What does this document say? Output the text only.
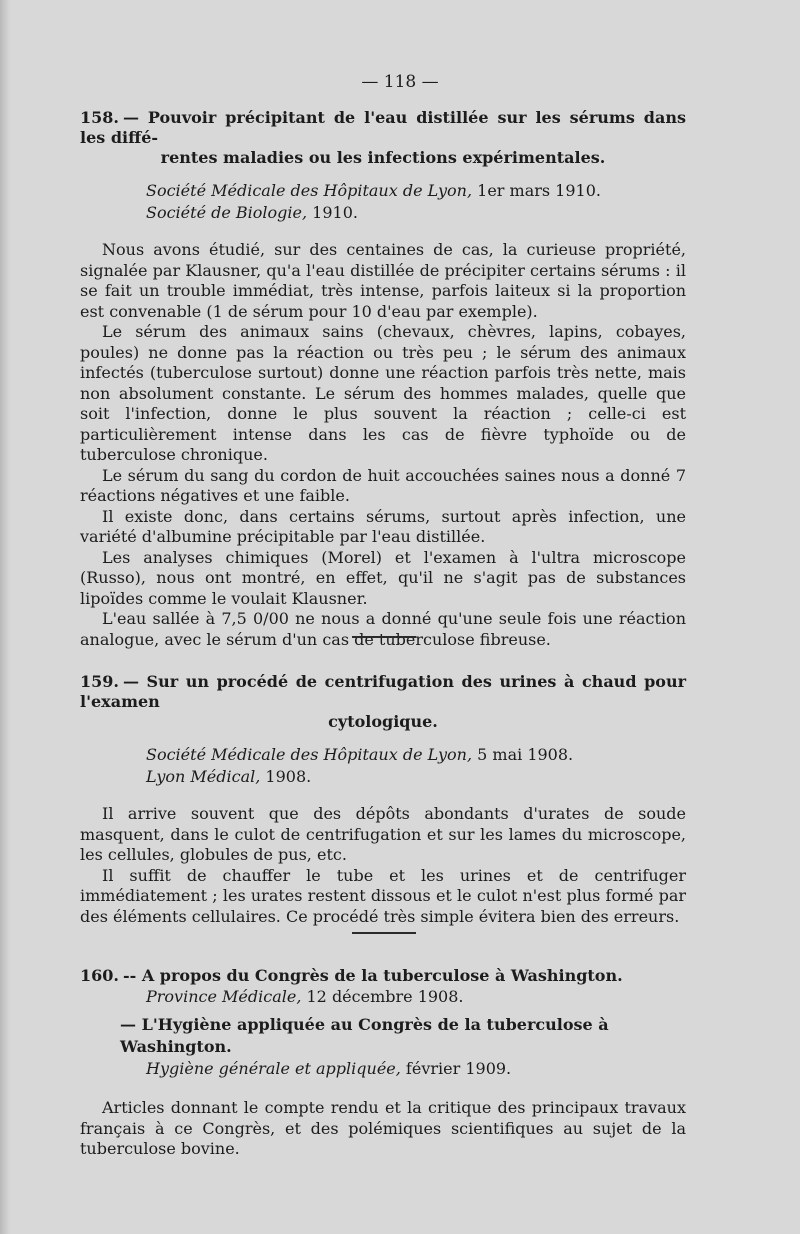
— 118 —
158. — Pouvoir précipitant de l'eau distillée sur les sérums dans les diffé-
rentes maladies ou les infections expérimentales.
Société Médicale des Hôpitaux de Lyon, 1er mars 1910.
Société de Biologie, 1910.

Nous avons étudié, sur des centaines de cas, la curieuse propriété, signalée par Klausner, qu'a l'eau distillée de précipiter certains sérums : il se fait un trouble immédiat, très intense, parfois laiteux si la proportion est convenable (1 de sérum pour 10 d'eau par exemple).

Le sérum des animaux sains (chevaux, chèvres, lapins, cobayes, poules) ne donne pas la réaction ou très peu ; le sérum des animaux infectés (tuberculose surtout) donne une réaction parfois très nette, mais non absolument constante. Le sérum des hommes malades, quelle que soit l'infection, donne le plus souvent la réaction ; celle-ci est particulièrement intense dans les cas de fièvre typhoïde ou de tuberculose chronique.

Le sérum du sang du cordon de huit accouchées saines nous a donné 7 réactions négatives et une faible.

Il existe donc, dans certains sérums, surtout après infection, une variété d'albumine précipitable par l'eau distillée.

Les analyses chimiques (Morel) et l'examen à l'ultra microscope (Russo), nous ont montré, en effet, qu'il ne s'agit pas de substances lipoïdes comme le voulait Klausner.

L'eau sallée à 7,5 0/00 ne nous a donné qu'une seule fois une réaction analogue, avec le sérum d'un cas de tuberculose fibreuse.

159. — Sur un procédé de centrifugation des urines à chaud pour l'examen
cytologique.
Société Médicale des Hôpitaux de Lyon, 5 mai 1908.
Lyon Médical, 1908.

Il arrive souvent que des dépôts abondants d'urates de soude masquent, dans le culot de centrifugation et sur les lames du microscope, les cellules, globules de pus, etc.

Il suffit de chauffer le tube et les urines et de centrifuger immédiatement ; les urates restent dissous et le culot n'est plus formé par des éléments cellulaires. Ce procédé très simple évitera bien des erreurs.

160. -- A propos du Congrès de la tuberculose à Washington.
Province Médicale, 12 décembre 1908.
— L'Hygiène appliquée au Congrès de la tuberculose à Washington.
Hygiène générale et appliquée, février 1909.

Articles donnant le compte rendu et la critique des principaux travaux français à ce Congrès, et des polémiques scientifiques au sujet de la tuberculose bovine.
